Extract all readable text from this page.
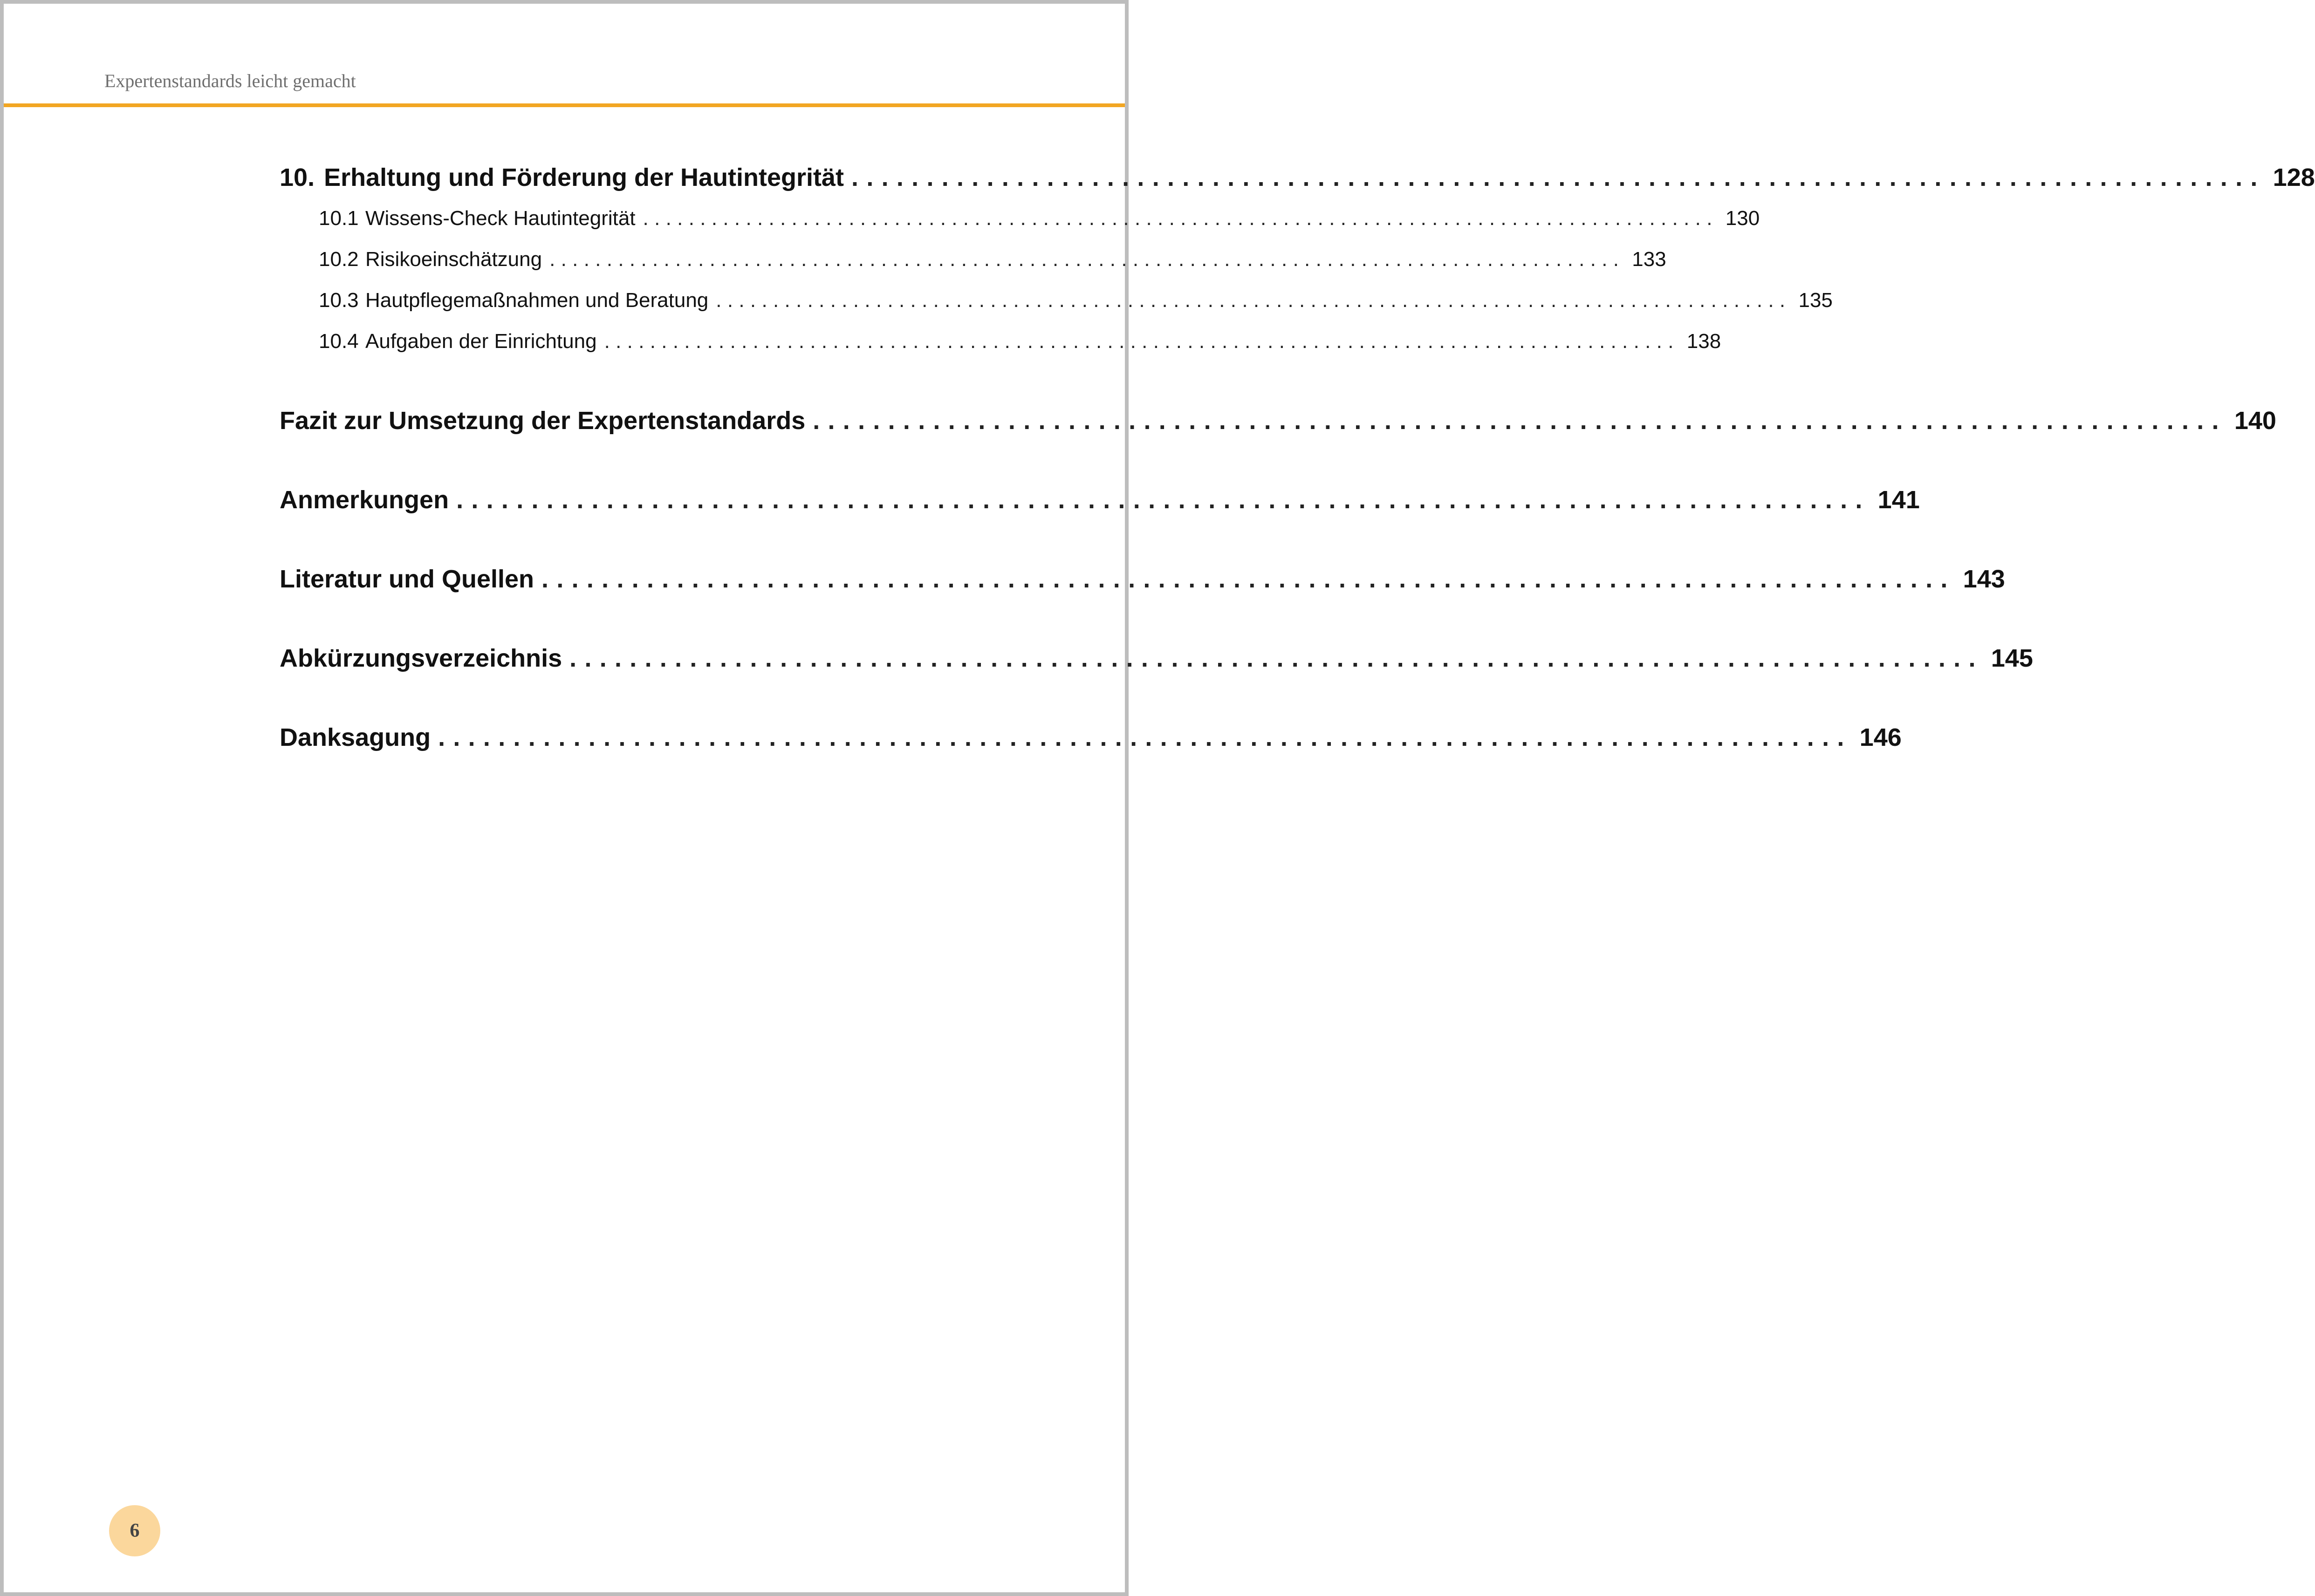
Expertenstandards leicht gemacht
10. Erhaltung und Förderung der Hautintegrität .............................................................................................. 128
10.1 Wissens-Check Hautintegrität .............................................................................................. 130
10.2 Risikoeinschätzung .............................................................................................. 133
10.3 Hautpflegemaßnahmen und Beratung .............................................................................................. 135
10.4 Aufgaben der Einrichtung .............................................................................................. 138
Fazit zur Umsetzung der Expertenstandards .............................................................................................. 140
Anmerkungen .............................................................................................. 141
Literatur und Quellen .............................................................................................. 143
Abkürzungsverzeichnis .............................................................................................. 145
Danksagung .............................................................................................. 146
6
